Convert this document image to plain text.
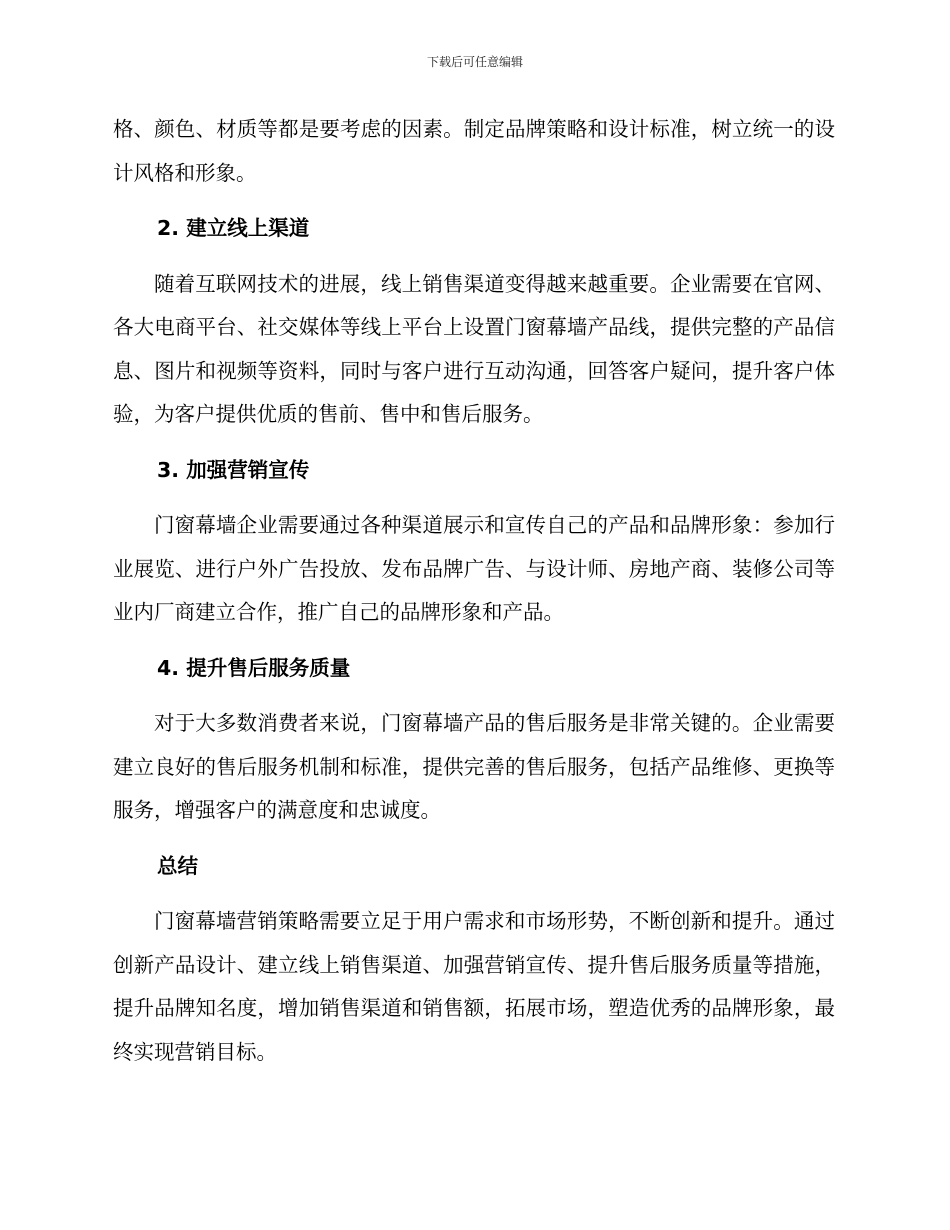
下载后可任意编辑

格、颜色、材质等都是要考虑的因素。制定品牌策略和设计标准，树立统一的设计风格和形象。

2. 建立线上渠道

随着互联网技术的进展，线上销售渠道变得越来越重要。企业需要在官网、各大电商平台、社交媒体等线上平台上设置门窗幕墙产品线，提供完整的产品信息、图片和视频等资料，同时与客户进行互动沟通，回答客户疑问，提升客户体验，为客户提供优质的售前、售中和售后服务。

3. 加强营销宣传

门窗幕墙企业需要通过各种渠道展示和宣传自己的产品和品牌形象：参加行业展览、进行户外广告投放、发布品牌广告、与设计师、房地产商、装修公司等业内厂商建立合作，推广自己的品牌形象和产品。

4. 提升售后服务质量

对于大多数消费者来说，门窗幕墙产品的售后服务是非常关键的。企业需要建立良好的售后服务机制和标准，提供完善的售后服务，包括产品维修、更换等服务，增强客户的满意度和忠诚度。

总结

门窗幕墙营销策略需要立足于用户需求和市场形势，不断创新和提升。通过创新产品设计、建立线上销售渠道、加强营销宣传、提升售后服务质量等措施，提升品牌知名度，增加销售渠道和销售额，拓展市场，塑造优秀的品牌形象，最终实现营销目标。
